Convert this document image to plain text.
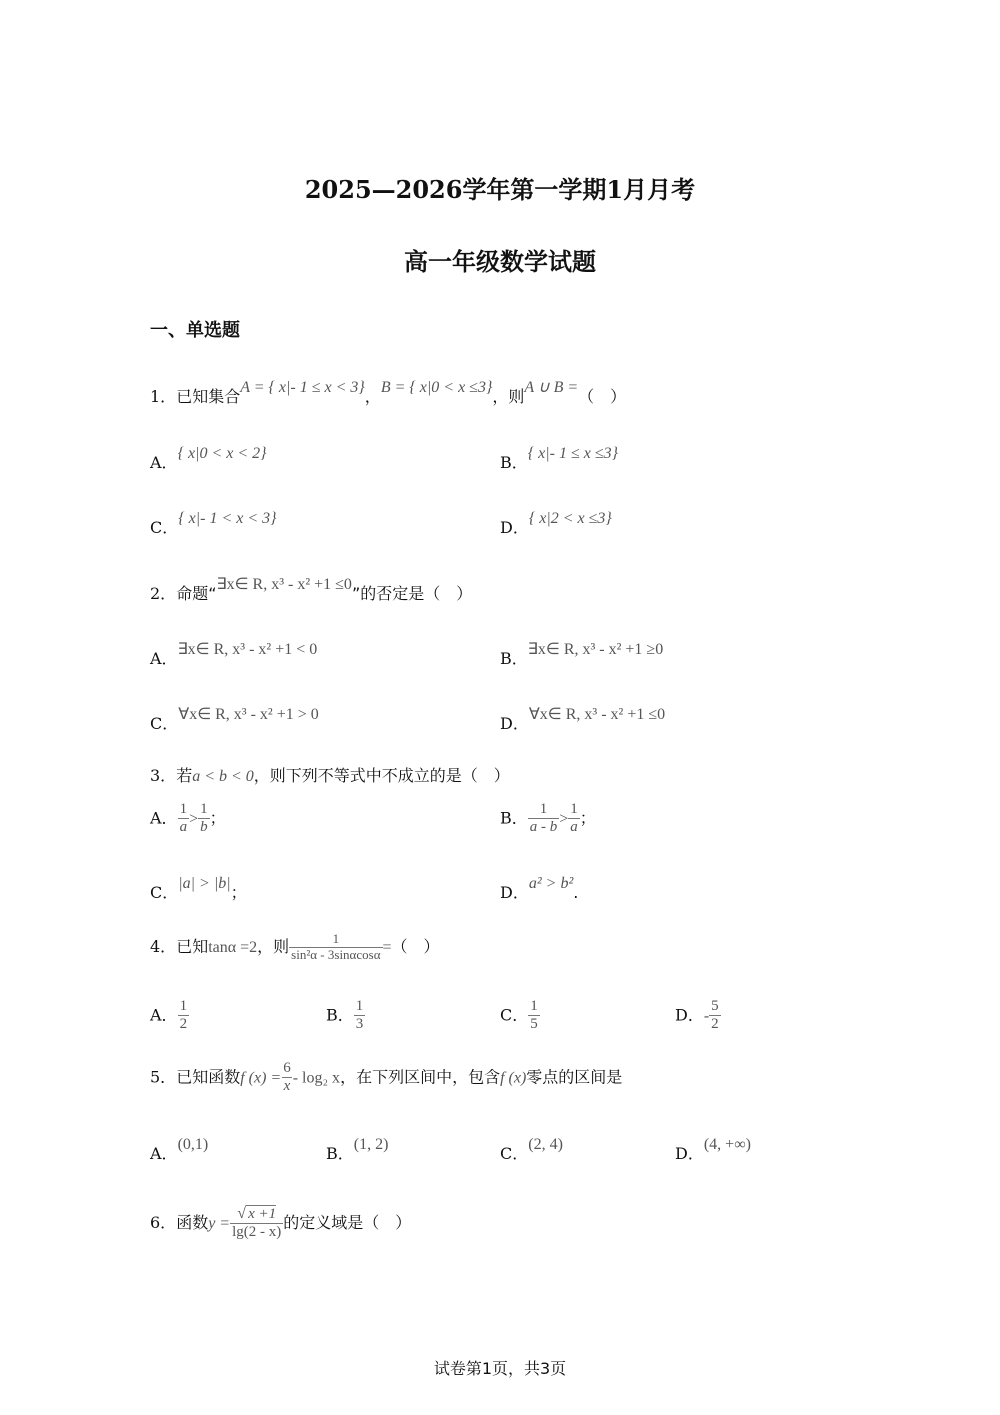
2025—2026学年第一学期1月月考
高一年级数学试题
一、单选题
1．已知集合A = { x|- 1 ≤ x < 3}，B = { x|0 < x ≤3}，则A ∪ B =（　）
A．{ x|0 < x < 2}	B．{ x|- 1 ≤ x ≤3}
C．{ x|- 1 < x < 3}	D．{ x|2 < x ≤3}
2．命题“∃x∈ R, x³ - x² +1 ≤0”的否定是（　）
A．∃x∈ R, x³ - x² +1 < 0	B．∃x∈ R, x³ - x² +1 ≥0
C．∀x∈ R, x³ - x² +1 > 0	D．∀x∈ R, x³ - x² +1 ≤0
3．若a < b < 0，则下列不等式中不成立的是（　）
A． $\frac{1}{a} > \frac{1}{b}$ ；	B． $\frac{1}{a - b} > \frac{1}{a}$ ；
C．|a| > |b|；	D．a² > b².
4．已知tanα =2，则 $\frac{1}{\text{sin²α - 3sinαcosα}}$ =（　）
A． $\frac{1}{2}$	B． $\frac{1}{3}$	C． $\frac{1}{5}$	D．- $\frac{5}{2}$
5．已知函数f $(x) = \frac{6}{x} - \log_2$ x，在下列区间中，包含f (x)零点的区间是
A．(0,1)	B．(1, 2)	C．(2, 4)	D．(4, +∞)
6．函数$y = \frac{√ x +1}{\lg(2 - x)}$ 的定义域是（　）
试卷第1页，共3页
